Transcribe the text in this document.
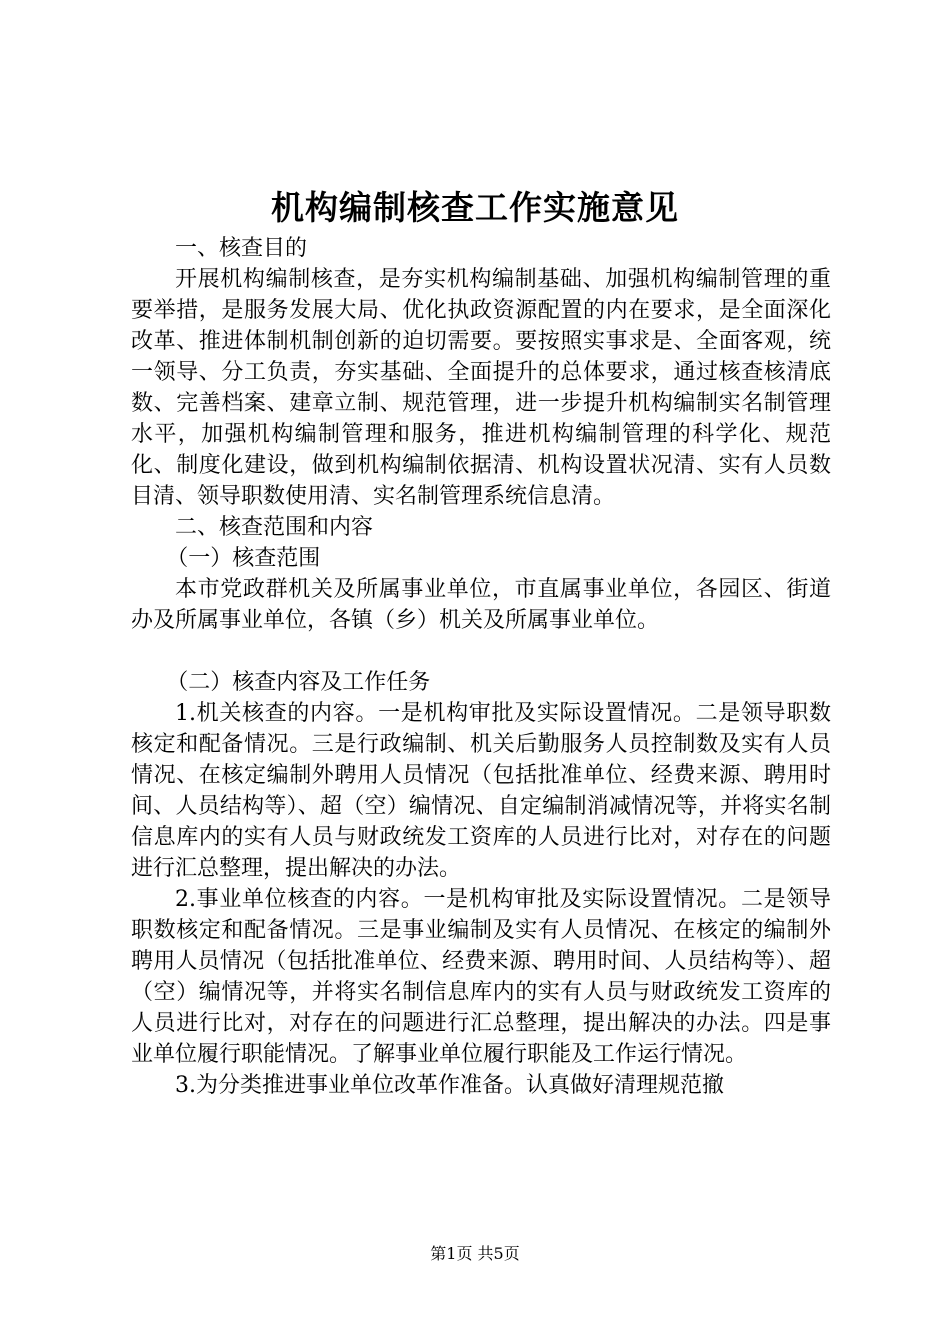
机构编制核查工作实施意见

一、核查目的

开展机构编制核查，是夯实机构编制基础、加强机构编制管理的重要举措，是服务发展大局、优化执政资源配置的内在要求，是全面深化改革、推进体制机制创新的迫切需要。要按照实事求是、全面客观，统一领导、分工负责，夯实基础、全面提升的总体要求，通过核查核清底数、完善档案、建章立制、规范管理，进一步提升机构编制实名制管理水平，加强机构编制管理和服务，推进机构编制管理的科学化、规范化、制度化建设，做到机构编制依据清、机构设置状况清、实有人员数目清、领导职数使用清、实名制管理系统信息清。

二、核查范围和内容

（一）核查范围

本市党政群机关及所属事业单位，市直属事业单位，各园区、街道办及所属事业单位，各镇（乡）机关及所属事业单位。

（二）核查内容及工作任务

1.机关核查的内容。一是机构审批及实际设置情况。二是领导职数核定和配备情况。三是行政编制、机关后勤服务人员控制数及实有人员情况、在核定编制外聘用人员情况（包括批准单位、经费来源、聘用时间、人员结构等）、超（空）编情况、自定编制消减情况等，并将实名制信息库内的实有人员与财政统发工资库的人员进行比对，对存在的问题进行汇总整理，提出解决的办法。

2.事业单位核查的内容。一是机构审批及实际设置情况。二是领导职数核定和配备情况。三是事业编制及实有人员情况、在核定的编制外聘用人员情况（包括批准单位、经费来源、聘用时间、人员结构等）、超（空）编情况等，并将实名制信息库内的实有人员与财政统发工资库的人员进行比对，对存在的问题进行汇总整理，提出解决的办法。四是事业单位履行职能情况。了解事业单位履行职能及工作运行情况。

3.为分类推进事业单位改革作准备。认真做好清理规范撤

第1页 共5页
